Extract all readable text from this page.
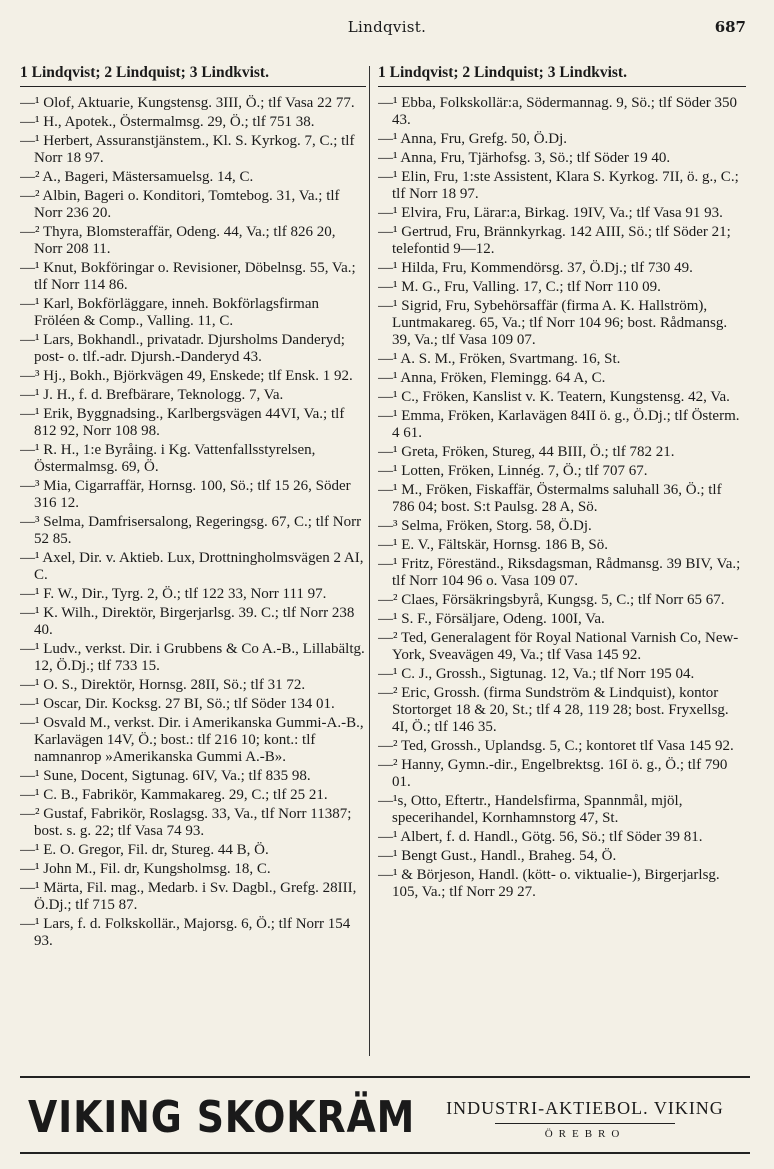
Lindqvist.	687
1 Lindqvist; 2 Lindquist; 3 Lindkvist.
—¹ Olof, Aktuarie, Kungstensg. 3III, Ö.; tlf Vasa 22 77.
—¹ H., Apotek., Östermalmsg. 29, Ö.; tlf 751 38.
—¹ Herbert, Assuranstjänstem., Kl. S. Kyrkog. 7, C.; tlf Norr 18 97.
—² A., Bageri, Mästersamuelsg. 14, C.
—² Albin, Bageri o. Konditori, Tomtebog. 31, Va.; tlf Norr 236 20.
—² Thyra, Blomsteraffär, Odeng. 44, Va.; tlf 826 20, Norr 208 11.
—¹ Knut, Bokföringar o. Revisioner, Döbelnsg. 55, Va.; tlf Norr 114 86.
—¹ Karl, Bokförläggare, inneh. Bokförlagsfirman Fröléen & Comp., Valling. 11, C.
—¹ Lars, Bokhandl., privatadr. Djursholms Danderyd; post- o. tlf.-adr. Djursh.-Danderyd 43.
—³ Hj., Bokh., Björkvägen 49, Enskede; tlf Ensk. 1 92.
—¹ J. H., f. d. Brefbärare, Teknologg. 7, Va.
—¹ Erik, Byggnadsing., Karlbergsvägen 44VI, Va.; tlf 812 92, Norr 108 98.
—¹ R. H., 1:e Byråing. i Kg. Vattenfallsstyrelsen, Östermalmsg. 69, Ö.
—³ Mia, Cigarraffär, Hornsg. 100, Sö.; tlf 15 26, Söder 316 12.
—³ Selma, Damfrisersalong, Regeringsg. 67, C.; tlf Norr 52 85.
—¹ Axel, Dir. v. Aktieb. Lux, Drottningholmsvägen 2 AI, C.
—¹ F. W., Dir., Tyrg. 2, Ö.; tlf 122 33, Norr 111 97.
—¹ K. Wilh., Direktör, Birgerjarlsg. 39. C.; tlf Norr 238 40.
—¹ Ludv., verkst. Dir. i Grubbens & Co A.-B., Lillabältg. 12, Ö.Dj.; tlf 733 15.
—¹ O. S., Direktör, Hornsg. 28II, Sö.; tlf 31 72.
—¹ Oscar, Dir. Kocksg. 27 BI, Sö.; tlf Söder 134 01.
—¹ Osvald M., verkst. Dir. i Amerikanska Gummi-A.-B., Karlavägen 14V, Ö.; bost.: tlf 216 10; kont.: tlf namnanrop »Amerikanska Gummi A.-B».
—¹ Sune, Docent, Sigtunag. 6IV, Va.; tlf 835 98.
—¹ C. B., Fabrikör, Kammakareg. 29, C.; tlf 25 21.
—² Gustaf, Fabrikör, Roslagsg. 33, Va., tlf Norr 11387; bost. s. g. 22; tlf Vasa 74 93.
—¹ E. O. Gregor, Fil. dr, Stureg. 44 B, Ö.
—¹ John M., Fil. dr, Kungsholmsg. 18, C.
—¹ Märta, Fil. mag., Medarb. i Sv. Dagbl., Grefg. 28III, Ö.Dj.; tlf 715 87.
—¹ Lars, f. d. Folkskollär., Majorsg. 6, Ö.; tlf Norr 154 93.
1 Lindqvist; 2 Lindquist; 3 Lindkvist.
—¹ Ebba, Folkskollär:a, Södermannag. 9, Sö.; tlf Söder 350 43.
—¹ Anna, Fru, Grefg. 50, Ö.Dj.
—¹ Anna, Fru, Tjärhofsg. 3, Sö.; tlf Söder 19 40.
—¹ Elin, Fru, 1:ste Assistent, Klara S. Kyrkog. 7II, ö. g., C.; tlf Norr 18 97.
—¹ Elvira, Fru, Lärar:a, Birkag. 19IV, Va.; tlf Vasa 91 93.
—¹ Gertrud, Fru, Brännkyrkag. 142 AIII, Sö.; tlf Söder 21; telefontid 9—12.
—¹ Hilda, Fru, Kommendörsg. 37, Ö.Dj.; tlf 730 49.
—¹ M. G., Fru, Valling. 17, C.; tlf Norr 110 09.
—¹ Sigrid, Fru, Sybehörsaffär (firma A. K. Hallström), Luntmakareg. 65, Va.; tlf Norr 104 96; bost. Rådmansg. 39, Va.; tlf Vasa 109 07.
—¹ A. S. M., Fröken, Svartmang. 16, St.
—¹ Anna, Fröken, Flemingg. 64 A, C.
—¹ C., Fröken, Kanslist v. K. Teatern, Kungstensg. 42, Va.
—¹ Emma, Fröken, Karlavägen 84II ö. g., Ö.Dj.; tlf Österm. 4 61.
—¹ Greta, Fröken, Stureg, 44 BIII, Ö.; tlf 782 21.
—¹ Lotten, Fröken, Linnég. 7, Ö.; tlf 707 67.
—¹ M., Fröken, Fiskaffär, Östermalms saluhall 36, Ö.; tlf 786 04; bost. S:t Paulsg. 28 A, Sö.
—³ Selma, Fröken, Storg. 58, Ö.Dj.
—¹ E. V., Fältskär, Hornsg. 186 B, Sö.
—¹ Fritz, Föreständ., Riksdagsman, Rådmansg. 39 BIV, Va.; tlf Norr 104 96 o. Vasa 109 07.
—² Claes, Försäkringsbyrå, Kungsg. 5, C.; tlf Norr 65 67.
—¹ S. F., Försäljare, Odeng. 100I, Va.
—² Ted, Generalagent för Royal National Varnish Co, New-York, Sveavägen 49, Va.; tlf Vasa 145 92.
—¹ C. J., Grossh., Sigtunag. 12, Va.; tlf Norr 195 04.
—² Eric, Grossh. (firma Sundström & Lindquist), kontor Stortorget 18 & 20, St.; tlf 4 28, 119 28; bost. Fryxellsg. 4I, Ö.; tlf 146 35.
—² Ted, Grossh., Uplandsg. 5, C.; kontoret tlf Vasa 145 92.
—² Hanny, Gymn.-dir., Engelbrektsg. 16I ö. g., Ö.; tlf 790 01.
—¹s, Otto, Eftertr., Handelsfirma, Spannmål, mjöl, specerihandel, Kornhamnstorg 47, St.
—¹ Albert, f. d. Handl., Götg. 56, Sö.; tlf Söder 39 81.
—¹ Bengt Gust., Handl., Braheg. 54, Ö.
—¹ & Börjeson, Handl. (kött- o. viktualie-), Birgerjarlsg. 105, Va.; tlf Norr 29 27.
VIKING SKOKRÄM	INDUSTRI-AKTIEBOL. VIKING
ÖREBRO
